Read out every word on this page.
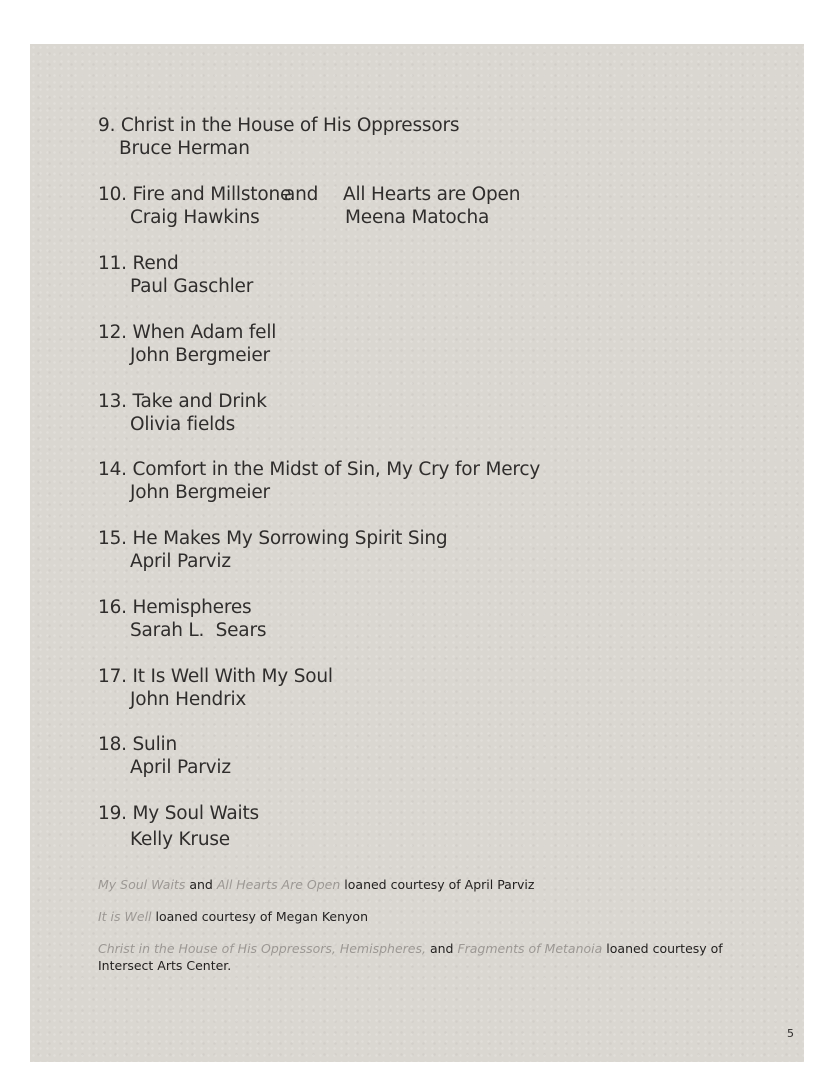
9. Christ in the House of His Oppressors
Bruce Herman
10. Fire and Millstoneand All Hearts are Open
Craig Hawkins	Meena Matocha
11. Rend
Paul Gaschler
12. When Adam fell
John Bergmeier
13. Take and Drink
Olivia fields
14. Comfort in the Midst of Sin, My Cry for Mercy
John Bergmeier
15. He Makes My Sorrowing Spirit Sing
April Parviz
16. Hemispheres
Sarah L.  Sears
17. It Is Well With My Soul
John Hendrix
18. Sulin
April Parviz
19. My Soul Waits
Kelly Kruse
My Soul Waits and All Hearts Are Open loaned courtesy of April Parviz
It is Well loaned courtesy of Megan Kenyon
Christ in the House of His Oppressors, Hemispheres, and Fragments of Metanoia loaned courtesy of Intersect Arts Center.
5
